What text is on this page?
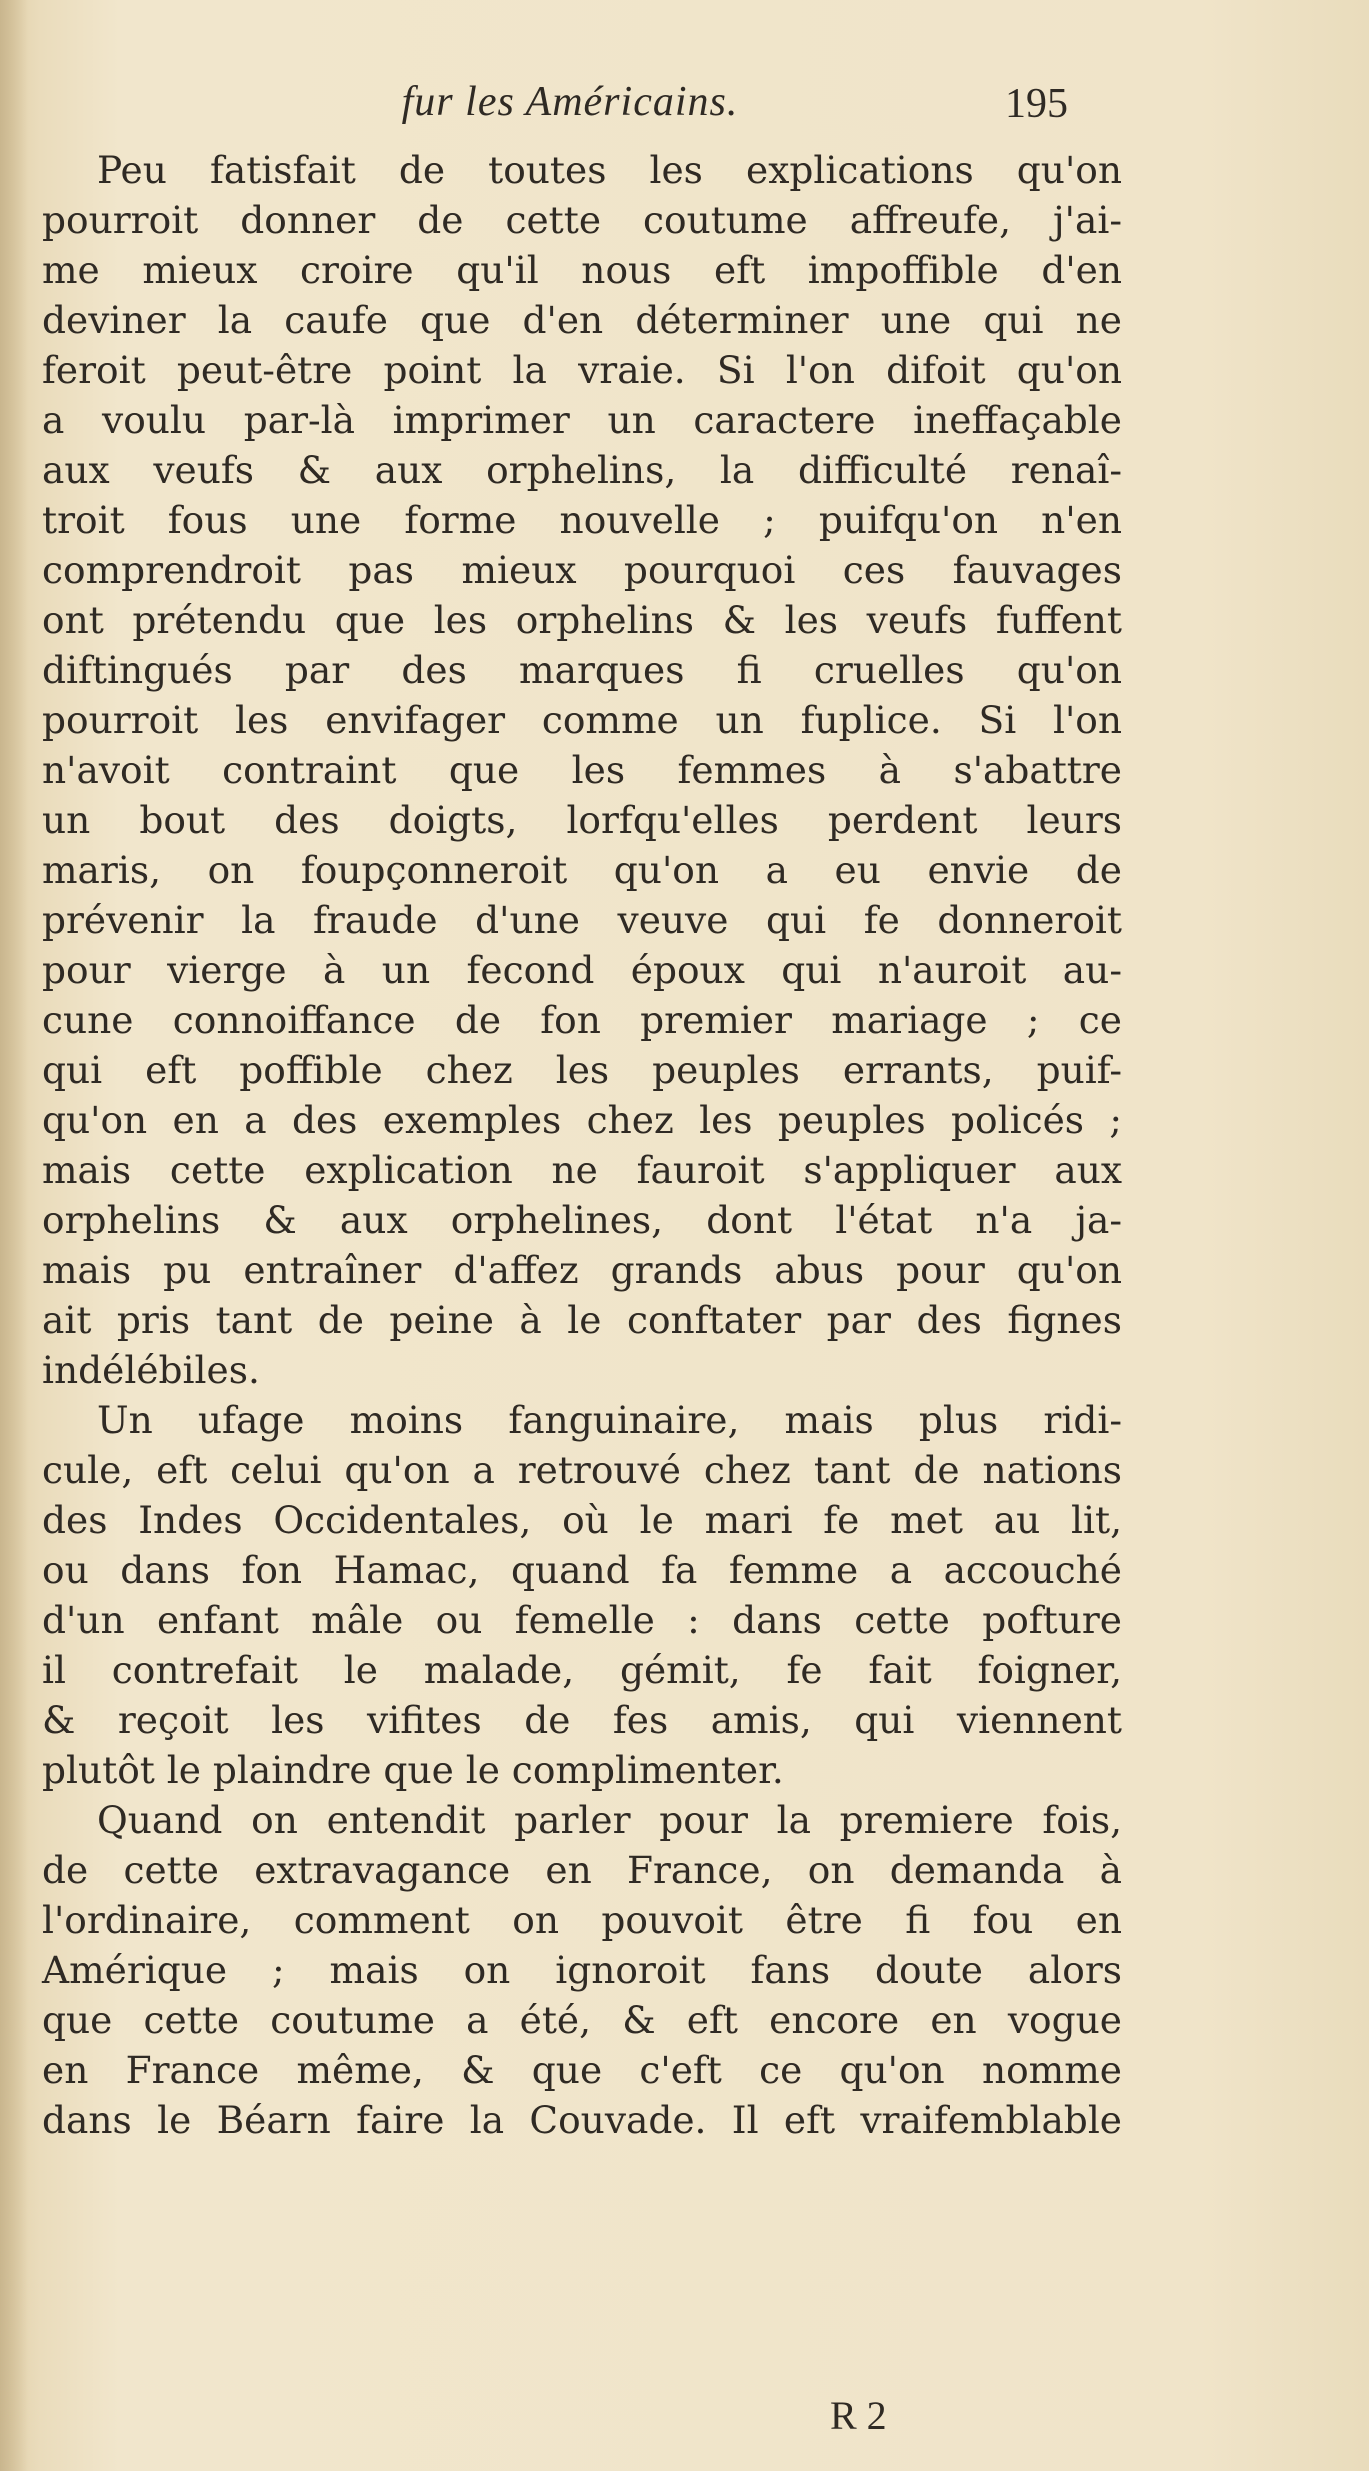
fur les Américains.	195
Peu fatisfait de toutes les explications qu'on
pourroit donner de cette coutume affreufe, j'ai-
me mieux croire qu'il nous eft impoffible d'en
deviner la caufe que d'en déterminer une qui ne
feroit peut-être point la vraie. Si l'on difoit qu'on
a voulu par-là imprimer un caractere ineffaçable
aux veufs & aux orphelins, la difficulté renaî-
troit fous une forme nouvelle ; puifqu'on n'en
comprendroit pas mieux pourquoi ces fauvages
ont prétendu que les orphelins & les veufs fuffent
diftingués par des marques fi cruelles qu'on
pourroit les envifager comme un fuplice. Si l'on
n'avoit contraint que les femmes à s'abattre
un bout des doigts, lorfqu'elles perdent leurs
maris, on foupçonneroit qu'on a eu envie de
prévenir la fraude d'une veuve qui fe donneroit
pour vierge à un fecond époux qui n'auroit au-
cune connoiffance de fon premier mariage ; ce
qui eft poffible chez les peuples errants, puif-
qu'on en a des exemples chez les peuples policés ;
mais cette explication ne fauroit s'appliquer aux
orphelins & aux orphelines, dont l'état n'a ja-
mais pu entraîner d'affez grands abus pour qu'on
ait pris tant de peine à le conftater par des fignes
indélébiles.
Un ufage moins fanguinaire, mais plus ridi-
cule, eft celui qu'on a retrouvé chez tant de nations
des Indes Occidentales, où le mari fe met au lit,
ou dans fon Hamac, quand fa femme a accouché
d'un enfant mâle ou femelle : dans cette pofture
il contrefait le malade, gémit, fe fait foigner,
& reçoit les vifites de fes amis, qui viennent
plutôt le plaindre que le complimenter.
Quand on entendit parler pour la premiere fois,
de cette extravagance en France, on demanda à
l'ordinaire, comment on pouvoit être fi fou en
Amérique ; mais on ignoroit fans doute alors
que cette coutume a été, & eft encore en vogue
en France même, & que c'eft ce qu'on nomme
dans le Béarn faire la Couvade. Il eft vraifemblable
R 2
